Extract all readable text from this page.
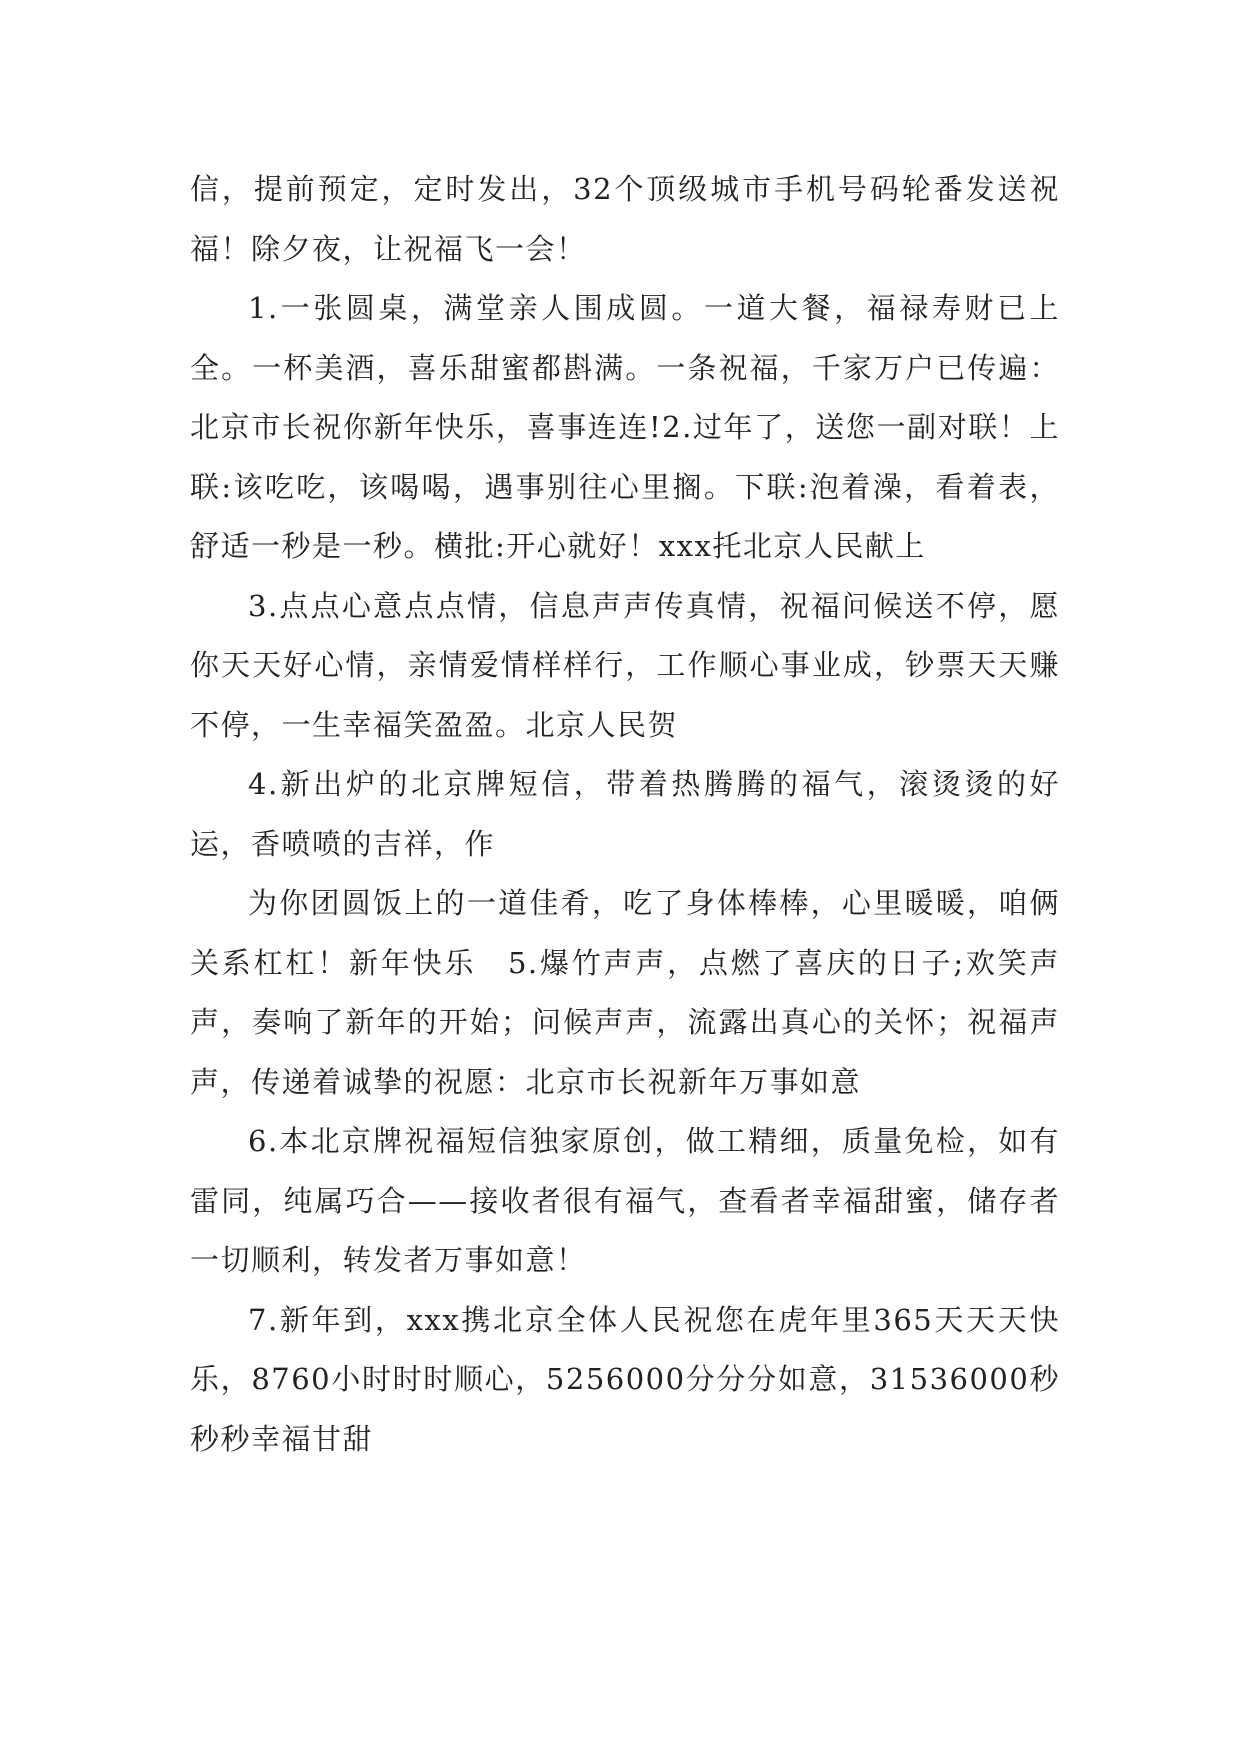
信，提前预定，定时发出，32个顶级城市手机号码轮番发送祝福！除夕夜，让祝福飞一会！

1.一张圆桌，满堂亲人围成圆。一道大餐，福禄寿财已上全。一杯美酒，喜乐甜蜜都斟满。一条祝福，千家万户已传遍：北京市长祝你新年快乐，喜事连连!2.过年了，送您一副对联！上联:该吃吃，该喝喝，遇事别往心里搁。下联:泡着澡，看着表，舒适一秒是一秒。横批:开心就好！xxx托北京人民献上

3.点点心意点点情，信息声声传真情，祝福问候送不停，愿你天天好心情，亲情爱情样样行，工作顺心事业成，钞票天天赚不停，一生幸福笑盈盈。北京人民贺

4.新出炉的北京牌短信，带着热腾腾的福气，滚烫烫的好运，香喷喷的吉祥，作

为你团圆饭上的一道佳肴，吃了身体棒棒，心里暖暖，咱俩关系杠杠！新年快乐　5.爆竹声声，点燃了喜庆的日子;欢笑声声，奏响了新年的开始；问候声声，流露出真心的关怀；祝福声声，传递着诚挚的祝愿：北京市长祝新年万事如意

6.本北京牌祝福短信独家原创，做工精细，质量免检，如有雷同，纯属巧合——接收者很有福气，查看者幸福甜蜜，储存者一切顺利，转发者万事如意！

7.新年到，xxx携北京全体人民祝您在虎年里365天天天快乐，8760小时时时顺心，5256000分分分如意，31536000秒秒秒幸福甘甜
